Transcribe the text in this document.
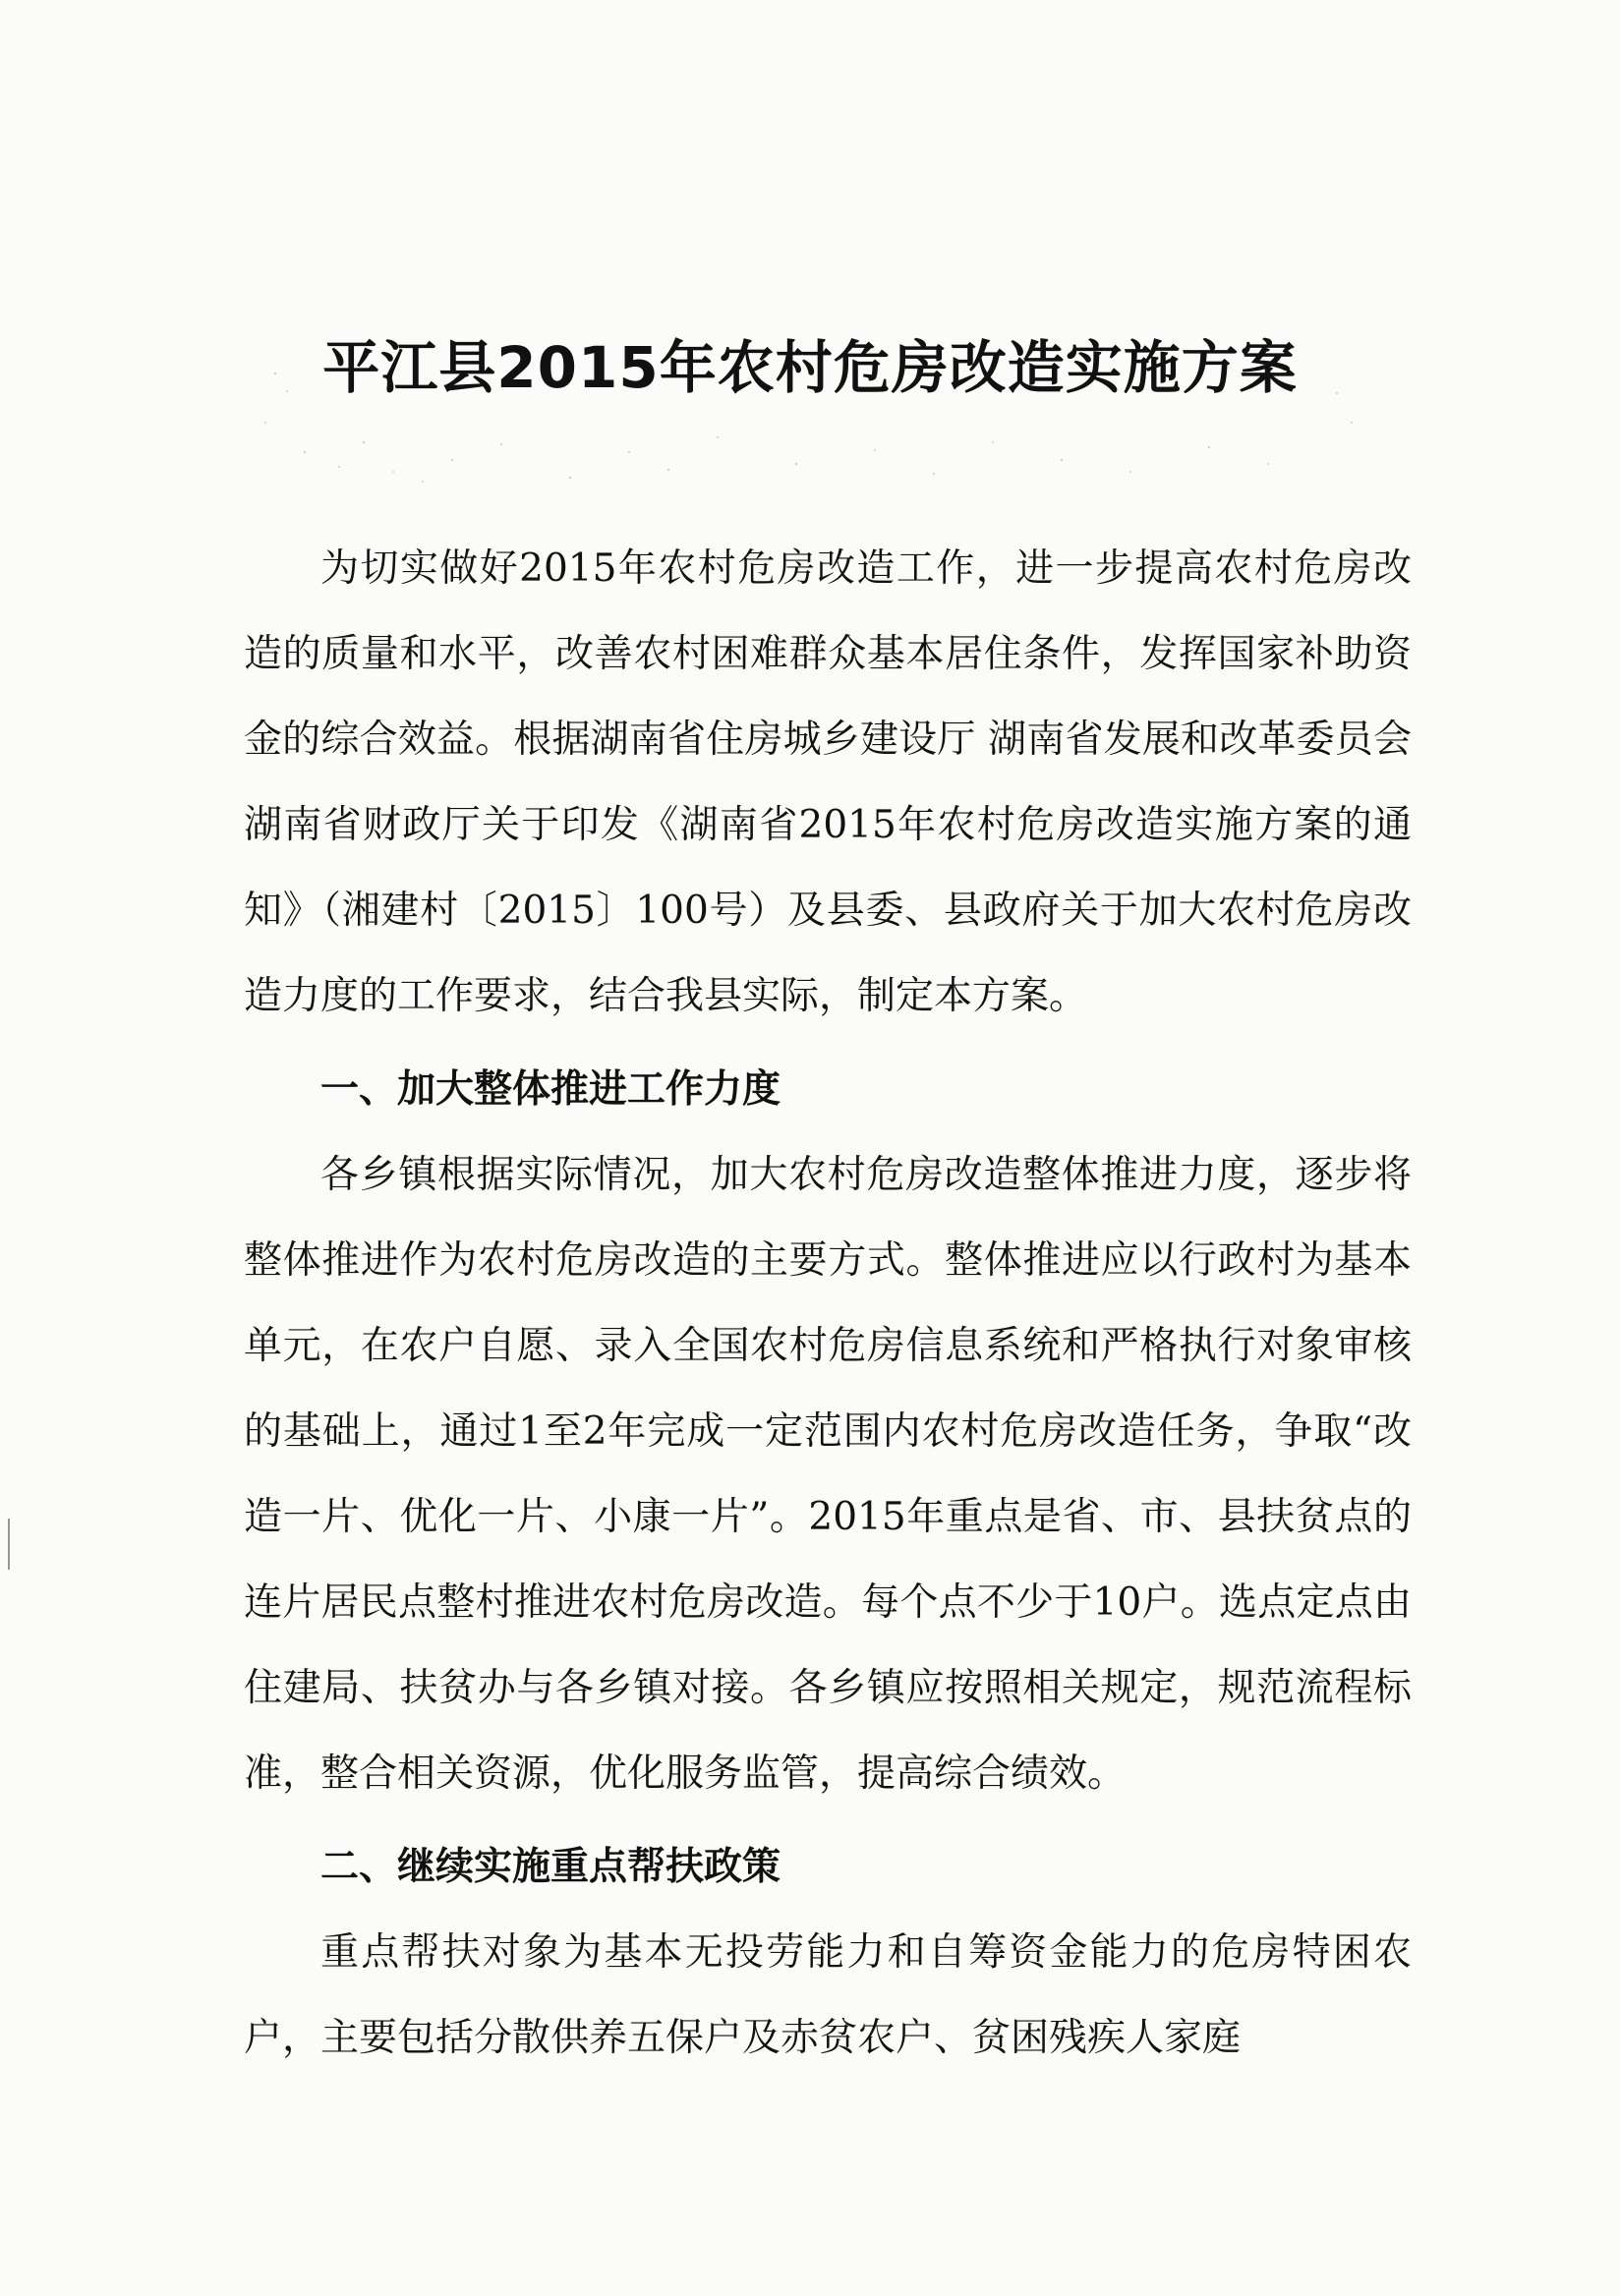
平江县2015年农村危房改造实施方案

为切实做好2015年农村危房改造工作，进一步提高农村危房改造的质量和水平，改善农村困难群众基本居住条件，发挥国家补助资金的综合效益。根据湖南省住房城乡建设厅 湖南省发展和改革委员会 湖南省财政厅关于印发《湖南省2015年农村危房改造实施方案的通知》（湘建村〔2015〕100号）及县委、县政府关于加大农村危房改造力度的工作要求，结合我县实际，制定本方案。

一、加大整体推进工作力度

各乡镇根据实际情况，加大农村危房改造整体推进力度，逐步将整体推进作为农村危房改造的主要方式。整体推进应以行政村为基本单元，在农户自愿、录入全国农村危房信息系统和严格执行对象审核的基础上，通过1至2年完成一定范围内农村危房改造任务，争取“改造一片、优化一片、小康一片”。2015年重点是省、市、县扶贫点的连片居民点整村推进农村危房改造。每个点不少于10户。选点定点由住建局、扶贫办与各乡镇对接。各乡镇应按照相关规定，规范流程标准，整合相关资源，优化服务监管，提高综合绩效。

二、继续实施重点帮扶政策

重点帮扶对象为基本无投劳能力和自筹资金能力的危房特困农户，主要包括分散供养五保户及赤贫农户、贫困残疾人家庭
